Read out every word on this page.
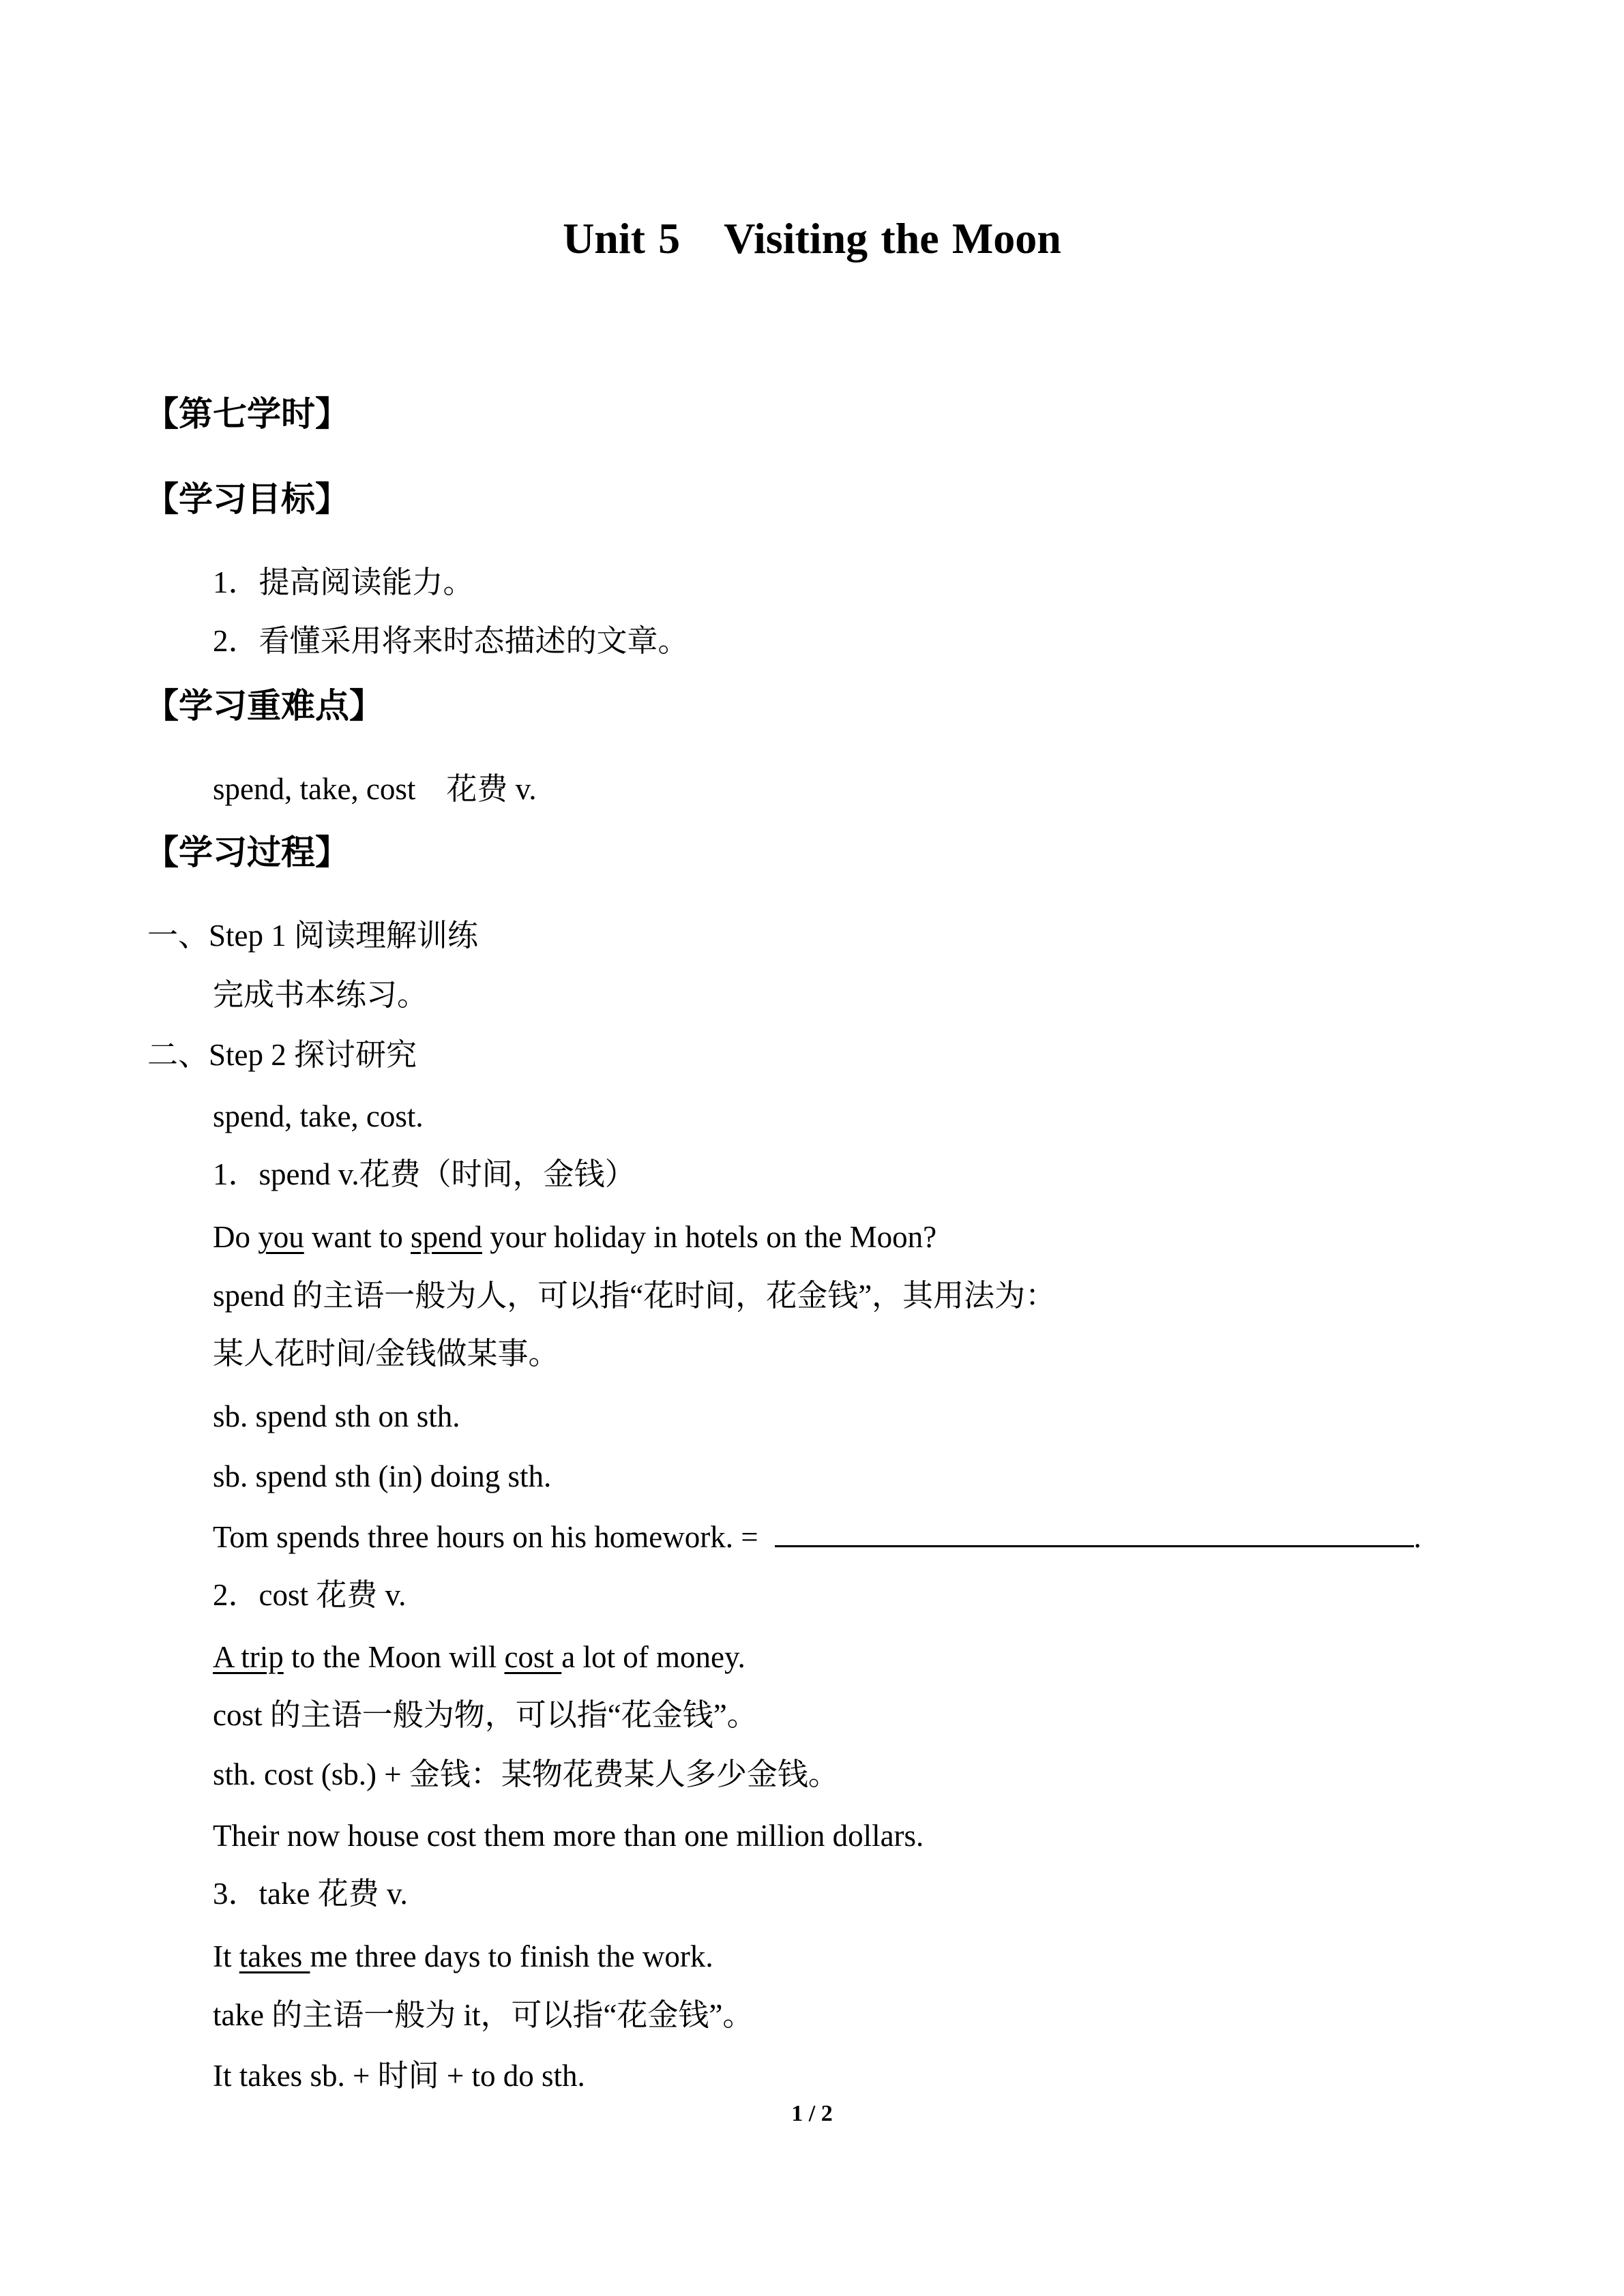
Unit 5　Visiting the Moon
【第七学时】
【学习目标】
1．提高阅读能力。
2．看懂采用将来时态描述的文章。
【学习重难点】
spend, take, cost　花费 v.
【学习过程】
一、Step 1 阅读理解训练
完成书本练习。
二、Step 2 探讨研究
spend, take, cost.
1．spend v.花费（时间，金钱）
Do you want to spend your holiday in hotels on the Moon?
spend 的主语一般为人，可以指“花时间，花金钱”，其用法为：
某人花时间/金钱做某事。
sb. spend sth on sth.
sb. spend sth (in) doing sth.
Tom spends three hours on his homework. =	.
2．cost 花费 v.
A trip to the Moon will cost a lot of money.
cost 的主语一般为物，可以指“花金钱”。
sth. cost (sb.) + 金钱：某物花费某人多少金钱。
Their now house cost them more than one million dollars.
3．take 花费 v.
It takes me three days to finish the work.
take 的主语一般为 it，可以指“花金钱”。
It takes sb. + 时间 + to do sth.
1 / 2
